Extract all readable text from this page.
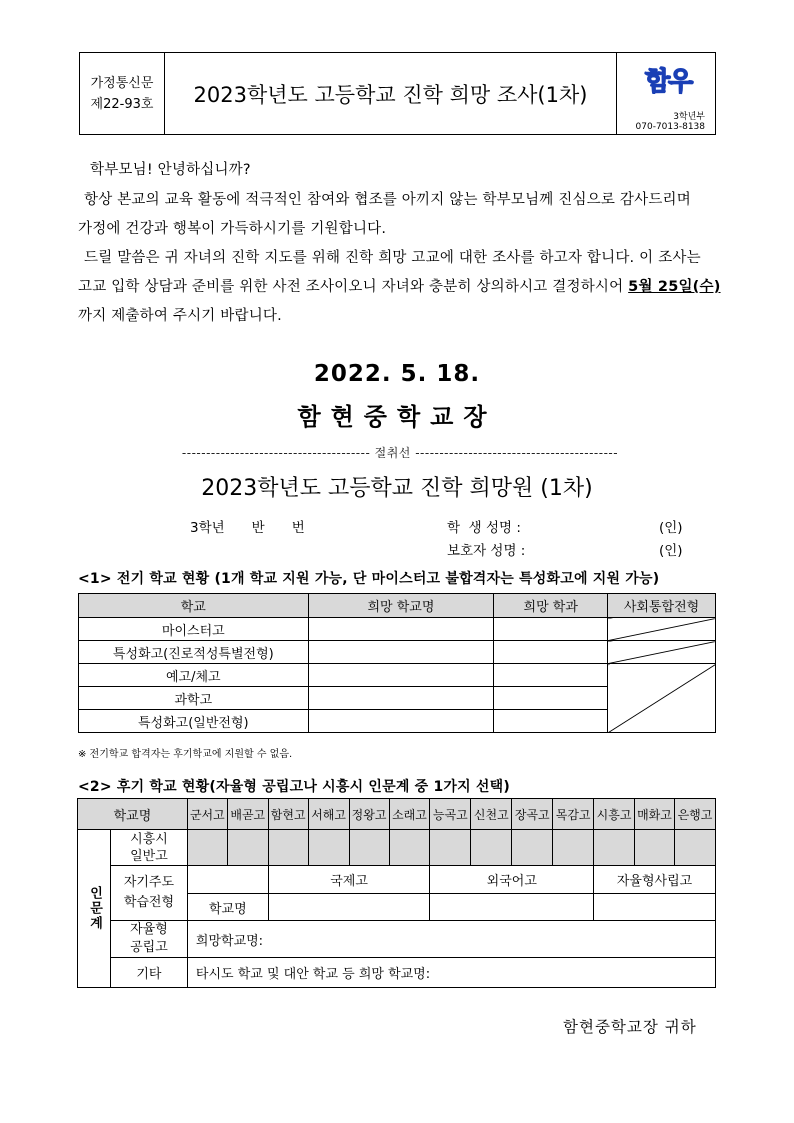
가정통신문
제22-93호	2023학년도 고등학교 진학 희망 조사(1차)	함우
3학년부
070-7013-8138
학부모님! 안녕하십니까?
항상 본교의 교육 활동에 적극적인 참여와 협조를 아끼지 않는 학부모님께 진심으로 감사드리며
가정에 건강과 행복이 가득하시기를 기원합니다.
드릴 말씀은 귀 자녀의 진학 지도를 위해 진학 희망 고교에 대한 조사를 하고자 합니다. 이 조사는
고교 입학 상담과 준비를 위한 사전 조사이오니 자녀와 충분히 상의하시고 결정하시어 5월 25일(수)
까지 제출하여 주시기 바랍니다.
2022. 5. 18.
함현중학교장
--------------------------------------- 절취선 ------------------------------------------
2023학년도 고등학교 진학 희망원 (1차)
3학년　　반　　번	학  생 성명 :	(인)
보호자 성명 :	(인)
<1> 전기 학교 현황 (1개 학교 지원 가능, 단 마이스터고 불합격자는 특성화고에 지원 가능)
학교	희망 학교명	희망 학과	사회통합전형
마이스터고			
특성화고(진로적성특별전형)			
예고/체고			
과학고			
특성화고(일반전형)			
※ 전기학교 합격자는 후기학교에 지원할 수 없음.
<2> 후기 학교 현황(자율형 공립고나 시흥시 인문계 중 1가지 선택)
학교명		군서고	배곧고	함현고	서해고	정왕고	소래고	능곡고	신천고	장곡고	목감고	시흥고	매화고	은행고
인문계	시흥시 일반고													
	자기주도 학습전형			국제고				외국어고				자율형사립고		
		학교명												
	자율형 공립고	희망학교명:												
	기타	타시도 학교 및 대안 학교 등 희망 학교명:												
함현중학교장 귀하
